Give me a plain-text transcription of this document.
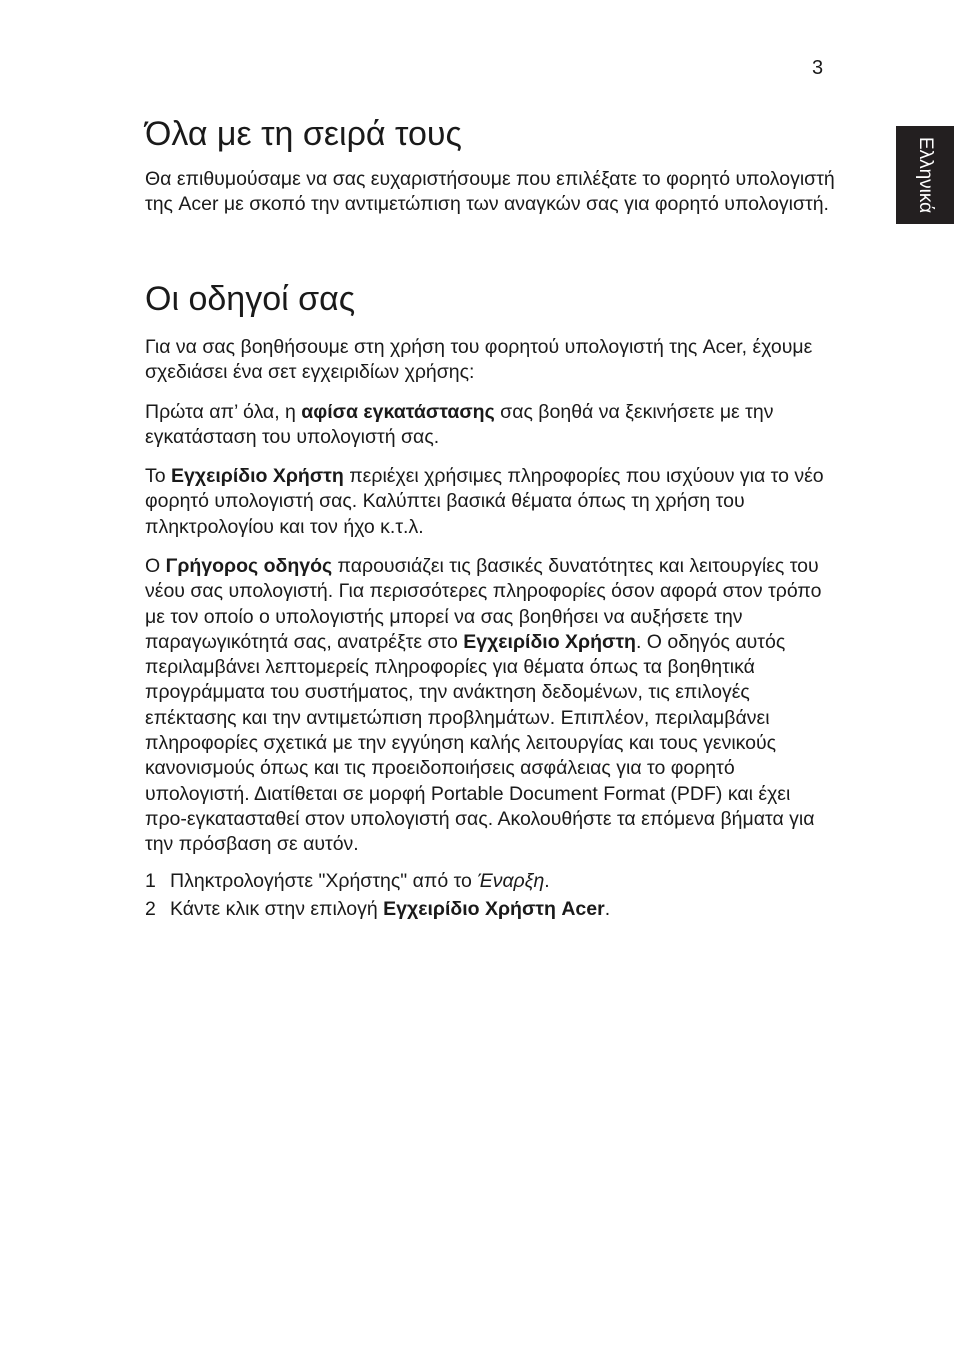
3
Ελληνικά
Όλα με τη σειρά τους

Θα επιθυμούσαμε να σας ευχαριστήσουμε που επιλέξατε το φορητό υπολογιστή της Acer με σκοπό την αντιμετώπιση των αναγκών σας για φορητό υπολογιστή.

Οι οδηγοί σας

Για να σας βοηθήσουμε στη χρήση του φορητού υπολογιστή της Acer, έχουμε σχεδιάσει ένα σετ εγχειριδίων χρήσης:

Πρώτα απ’ όλα, η αφίσα εγκατάστασης σας βοηθά να ξεκινήσετε με την εγκατάσταση του υπολογιστή σας.

Το Εγχειρίδιο Χρήστη περιέχει χρήσιμες πληροφορίες που ισχύουν για το νέο φορητό υπολογιστή σας. Καλύπτει βασικά θέματα όπως τη χρήση του πληκτρολογίου και τον ήχο κ.τ.λ.

Ο Γρήγορος οδηγός παρουσιάζει τις βασικές δυνατότητες και λειτουργίες του νέου σας υπολογιστή. Για περισσότερες πληροφορίες όσον αφορά στον τρόπο με τον οποίο ο υπολογιστής μπορεί να σας βοηθήσει να αυξήσετε την παραγωγικότητά σας, ανατρέξτε στο Εγχειρίδιο Χρήστη. Ο οδηγός αυτός περιλαμβάνει λεπτομερείς πληροφορίες για θέματα όπως τα βοηθητικά προγράμματα του συστήματος, την ανάκτηση δεδομένων, τις επιλογές επέκτασης και την αντιμετώπιση προβλημάτων. Επιπλέον, περιλαμβάνει πληροφορίες σχετικά με την εγγύηση καλής λειτουργίας και τους γενικούς κανονισμούς όπως και τις προειδοποιήσεις ασφάλειας για το φορητό υπολογιστή. Διατίθεται σε μορφή Portable Document Format (PDF) και έχει προ-εγκατασταθεί στον υπολογιστή σας. Ακολουθήστε τα επόμενα βήματα για την πρόσβαση σε αυτόν.

1 Πληκτρολογήστε "Χρήστης" από το Έναρξη.
2 Κάντε κλικ στην επιλογή Εγχειρίδιο Χρήστη Acer.
